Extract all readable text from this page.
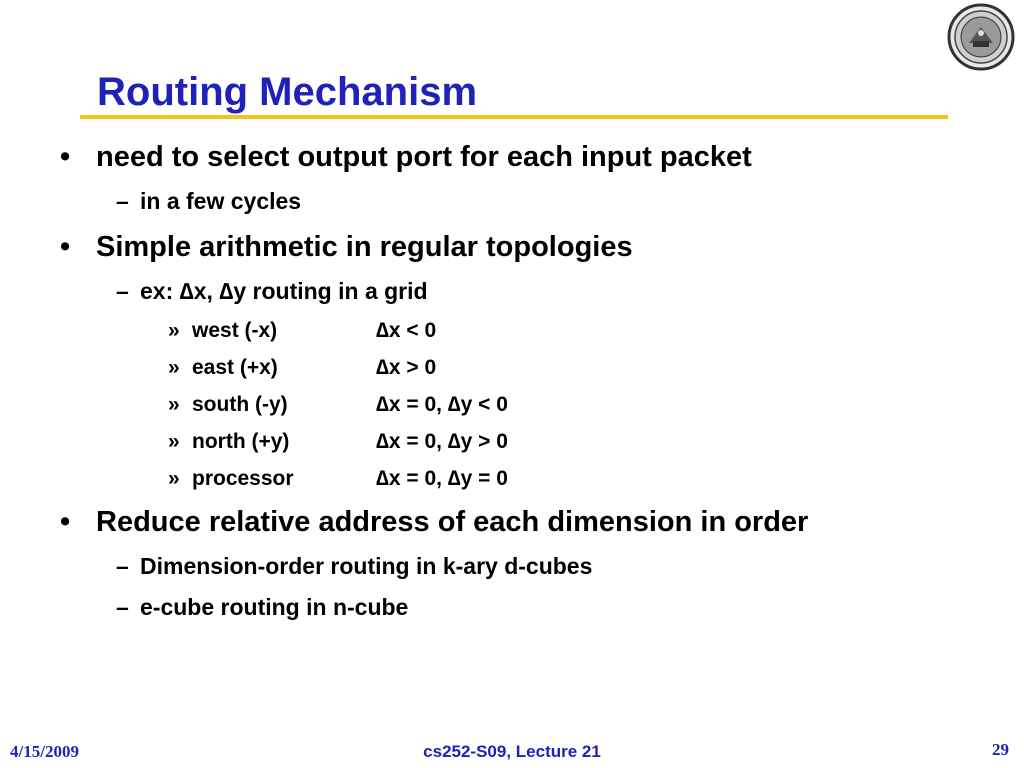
Routing Mechanism
• need to select output port for each input packet
– in a few cycles
• Simple arithmetic in regular topologies
– ex: ∆x, ∆y routing in a grid
» west (-x)	∆x < 0
» east (+x)	∆x > 0
» south (-y)	∆x = 0, ∆y < 0
» north (+y)	∆x = 0, ∆y > 0
» processor	∆x = 0, ∆y = 0
• Reduce relative address of each dimension in order
– Dimension-order routing in k-ary d-cubes
– e-cube routing in n-cube
4/15/2009	cs252-S09, Lecture 21	29
